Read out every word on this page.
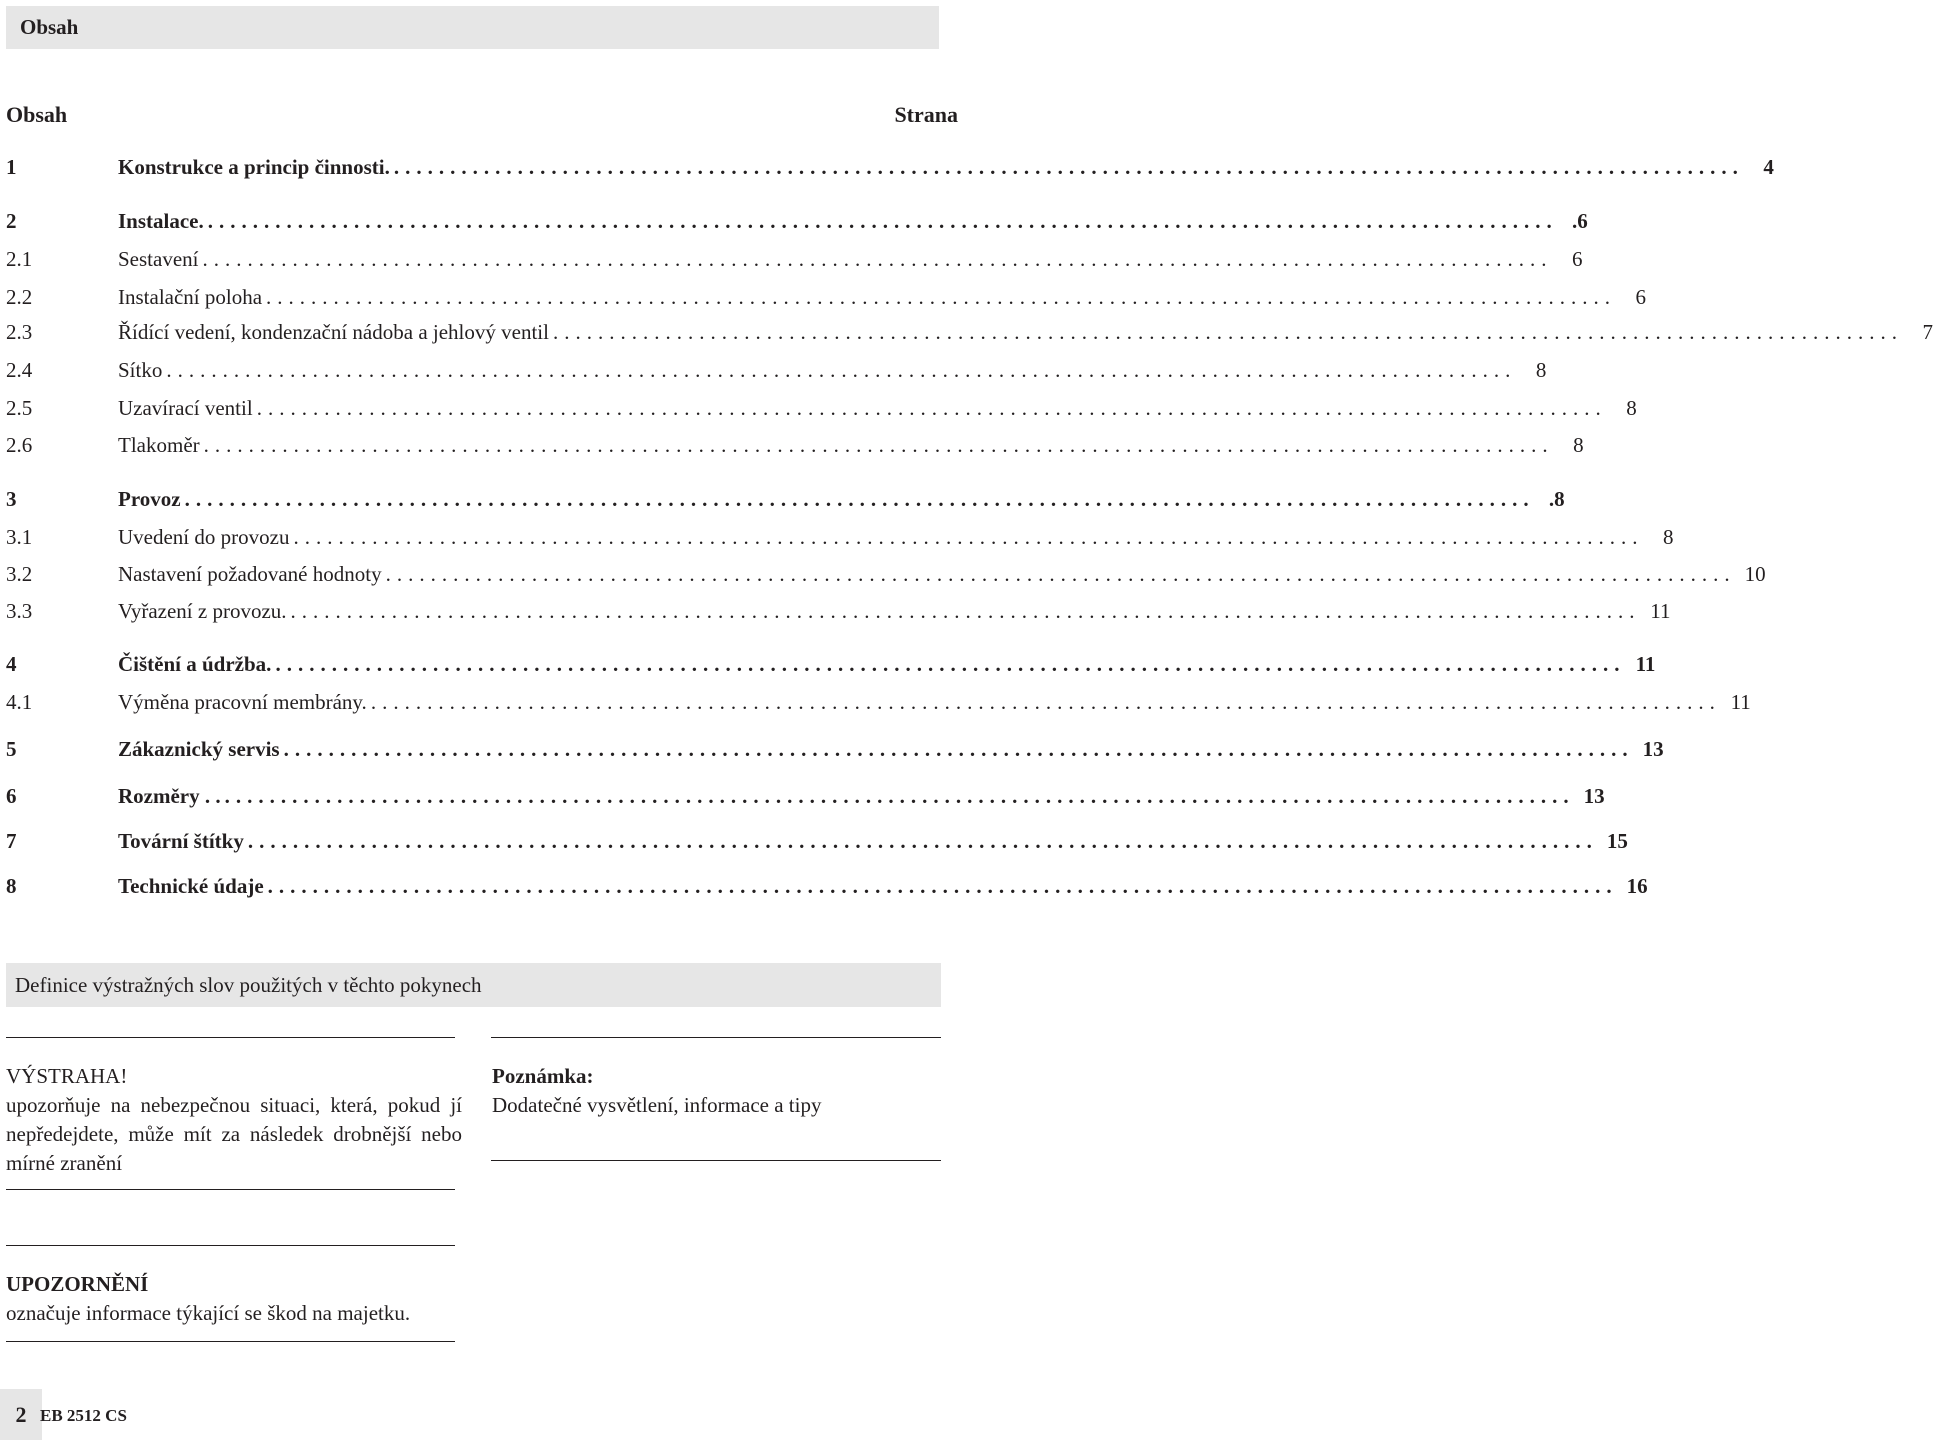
Obsah
Obsah	Strana
1	Konstrukce a princip činnosti. ........................................................................................................................ 4
2	Instalace. ........................................................................................................................ .6
2.1	Sestavení ........................................................................................................................ 6
2.2	Instalační poloha ........................................................................................................................ 6
2.3	Řídící vedení, kondenzační nádoba a jehlový ventil ........................................................................................................................ 7
2.4	Sítko ........................................................................................................................ 8
2.5	Uzavírací ventil ........................................................................................................................ 8
2.6	Tlakoměr ........................................................................................................................ 8
3	Provoz ........................................................................................................................ .8
3.1	Uvedení do provozu ........................................................................................................................ 8
3.2	Nastavení požadované hodnoty ........................................................................................................................ 10
3.3	Vyřazení z provozu. ........................................................................................................................ 11
4	Čištění a údržba. ........................................................................................................................ 11
4.1	Výměna pracovní membrány. ........................................................................................................................ 11
5	Zákaznický servis ........................................................................................................................ 13
6	Rozměry . . ........................................................................................................................ 13
7	Tovární štítky ........................................................................................................................ 15
8	Technické údaje ........................................................................................................................ 16
Definice výstražných slov použitých v těchto pokynech
VÝSTRAHA!
upozorňuje na nebezpečnou situaci, která, pokud jí nepředejdete, může mít za následek drobnější nebo mírné zranění
Poznámka:
Dodatečné vysvětlení, informace a tipy
UPOZORNĚNÍ
označuje informace týkající se škod na majetku.
2 EB 2512 CS
